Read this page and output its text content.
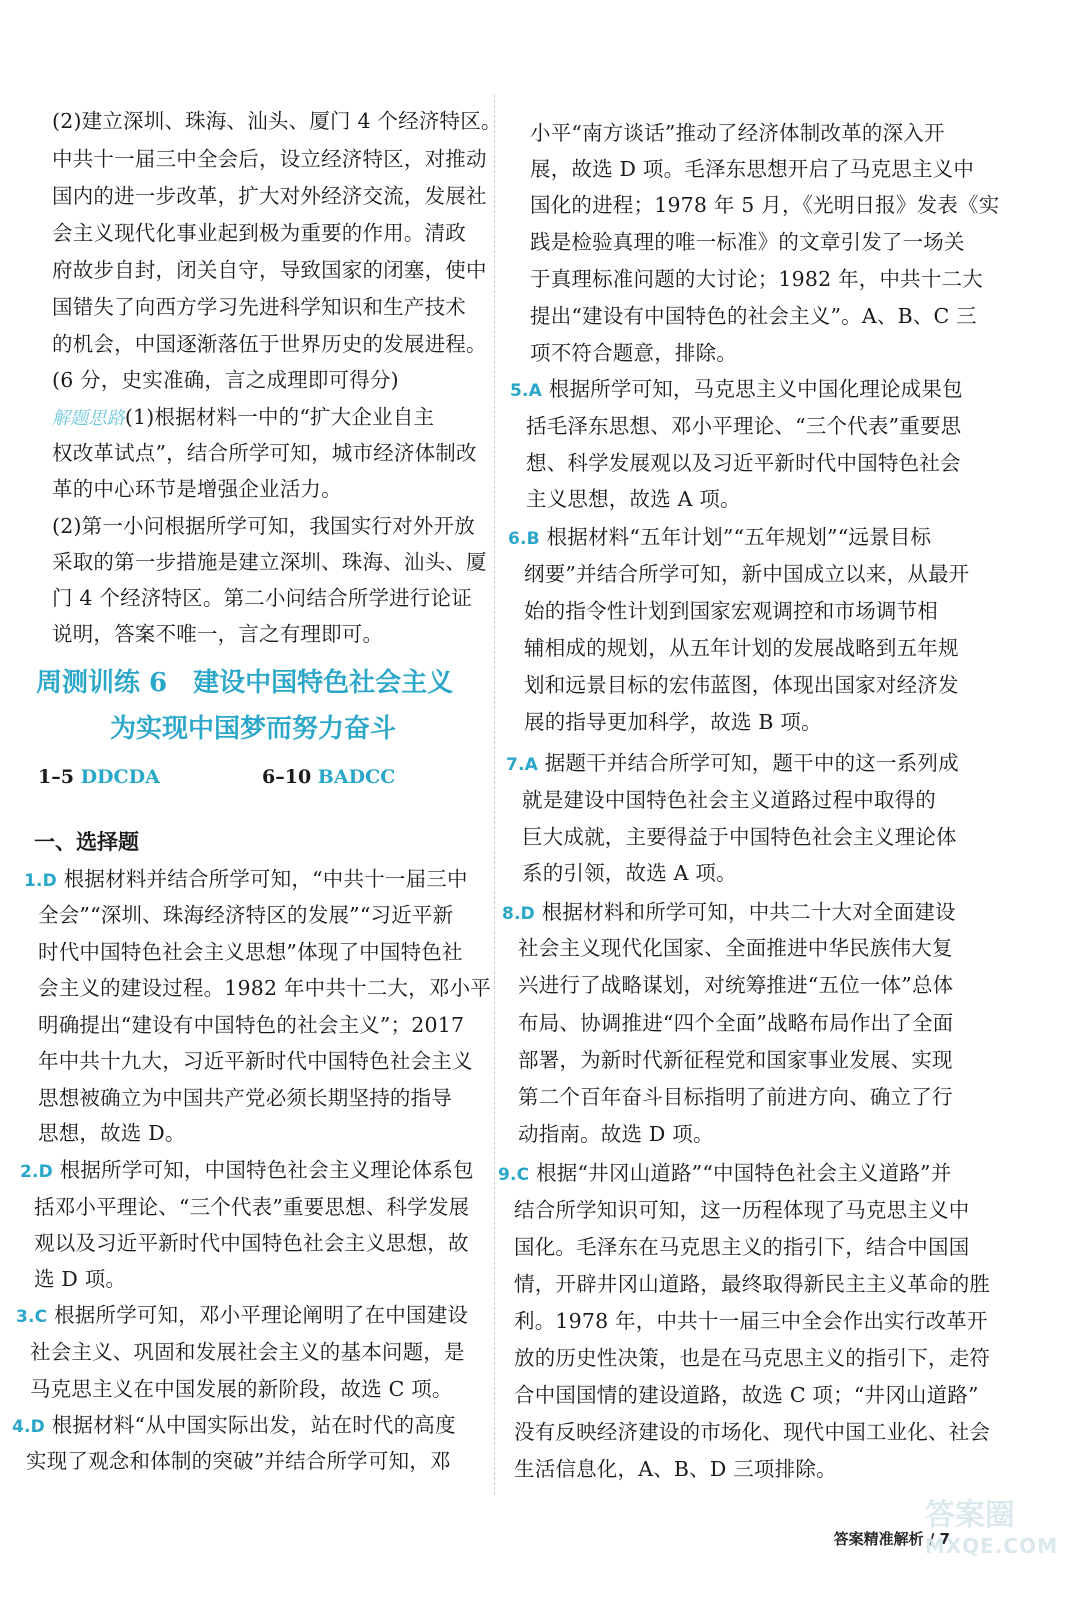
(2)建立深圳、珠海、汕头、厦门 4 个经济特区。
中共十一届三中全会后，设立经济特区，对推动
国内的进一步改革，扩大对外经济交流，发展社
会主义现代化事业起到极为重要的作用。清政
府故步自封，闭关自守，导致国家的闭塞，使中
国错失了向西方学习先进科学知识和生产技术
的机会，中国逐渐落伍于世界历史的发展进程。
(6 分，史实准确，言之成理即可得分)
解题思路(1)根据材料一中的“扩大企业自主
权改革试点”，结合所学可知，城市经济体制改
革的中心环节是增强企业活力。
(2)第一小问根据所学可知，我国实行对外开放
采取的第一步措施是建立深圳、珠海、汕头、厦
门 4 个经济特区。第二小问结合所学进行论证
说明，答案不唯一，言之有理即可。
周测训练 6　建设中国特色社会主义
为实现中国梦而努力奋斗
1–5 DDCDA	6–10 BADCC
一、选择题
1.D 根据材料并结合所学可知，“中共十一届三中
全会”“深圳、珠海经济特区的发展”“习近平新
时代中国特色社会主义思想”体现了中国特色社
会主义的建设过程。1982 年中共十二大，邓小平
明确提出“建设有中国特色的社会主义”；2017
年中共十九大，习近平新时代中国特色社会主义
思想被确立为中国共产党必须长期坚持的指导
思想，故选 D。
2.D 根据所学可知，中国特色社会主义理论体系包
括邓小平理论、“三个代表”重要思想、科学发展
观以及习近平新时代中国特色社会主义思想，故
选 D 项。
3.C 根据所学可知，邓小平理论阐明了在中国建设
社会主义、巩固和发展社会主义的基本问题，是
马克思主义在中国发展的新阶段，故选 C 项。
4.D 根据材料“从中国实际出发，站在时代的高度
实现了观念和体制的突破”并结合所学可知，邓
小平“南方谈话”推动了经济体制改革的深入开
展，故选 D 项。毛泽东思想开启了马克思主义中
国化的进程；1978 年 5 月，《光明日报》发表《实
践是检验真理的唯一标准》的文章引发了一场关
于真理标准问题的大讨论；1982 年，中共十二大
提出“建设有中国特色的社会主义”。A、B、C 三
项不符合题意，排除。
5.A 根据所学可知，马克思主义中国化理论成果包
括毛泽东思想、邓小平理论、“三个代表”重要思
想、科学发展观以及习近平新时代中国特色社会
主义思想，故选 A 项。
6.B 根据材料“五年计划”“五年规划”“远景目标
纲要”并结合所学可知，新中国成立以来，从最开
始的指令性计划到国家宏观调控和市场调节相
辅相成的规划，从五年计划的发展战略到五年规
划和远景目标的宏伟蓝图，体现出国家对经济发
展的指导更加科学，故选 B 项。
7.A 据题干并结合所学可知，题干中的这一系列成
就是建设中国特色社会主义道路过程中取得的
巨大成就，主要得益于中国特色社会主义理论体
系的引领，故选 A 项。
8.D 根据材料和所学可知，中共二十大对全面建设
社会主义现代化国家、全面推进中华民族伟大复
兴进行了战略谋划，对统筹推进“五位一体”总体
布局、协调推进“四个全面”战略布局作出了全面
部署，为新时代新征程党和国家事业发展、实现
第二个百年奋斗目标指明了前进方向、确立了行
动指南。故选 D 项。
9.C 根据“井冈山道路”“中国特色社会主义道路”并
结合所学知识可知，这一历程体现了马克思主义中
国化。毛泽东在马克思主义的指引下，结合中国国
情，开辟井冈山道路，最终取得新民主主义革命的胜
利。1978 年，中共十一届三中全会作出实行改革开
放的历史性决策，也是在马克思主义的指引下，走符
合中国国情的建设道路，故选 C 项；“井冈山道路”
没有反映经济建设的市场化、现代中国工业化、社会
生活信息化，A、B、D 三项排除。
答案精准解析 / 7
答案圈
MXQE.COM
